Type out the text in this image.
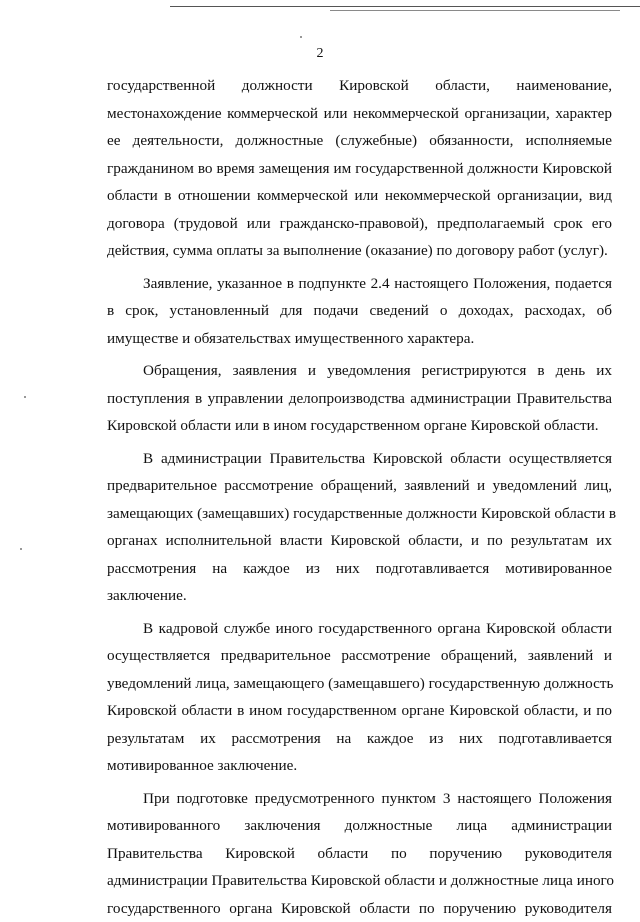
2

государственной должности Кировской области, наименование,
местонахождение коммерческой или некоммерческой организации, характер
ее деятельности, должностные (служебные) обязанности, исполняемые
гражданином во время замещения им государственной должности Кировской
области в отношении коммерческой или некоммерческой организации, вид
договора (трудовой или гражданско-правовой), предполагаемый срок его
действия, сумма оплаты за выполнение (оказание) по договору работ (услуг).

Заявление, указанное в подпункте 2.4 настоящего Положения, подается
в срок, установленный для подачи сведений о доходах, расходах, об
имуществе и обязательствах имущественного характера.

Обращения, заявления и уведомления регистрируются в день их
поступления в управлении делопроизводства администрации Правительства
Кировской области или в ином государственном органе Кировской области.

В администрации Правительства Кировской области осуществляется
предварительное рассмотрение обращений, заявлений и уведомлений лиц,
замещающих (замещавших) государственные должности Кировской области в
органах исполнительной власти Кировской области, и по результатам их
рассмотрения на каждое из них подготавливается мотивированное
заключение.

В кадровой службе иного государственного органа Кировской области
осуществляется предварительное рассмотрение обращений, заявлений и
уведомлений лица, замещающего (замещавшего) государственную должность
Кировской области в ином государственном органе Кировской области, и по
результатам их рассмотрения на каждое из них подготавливается
мотивированное заключение.

При подготовке предусмотренного пунктом 3 настоящего Положения
мотивированного заключения должностные лица администрации
Правительства Кировской области по поручению руководителя
администрации Правительства Кировской области и должностные лица иного
государственного органа Кировской области по поручению руководителя
